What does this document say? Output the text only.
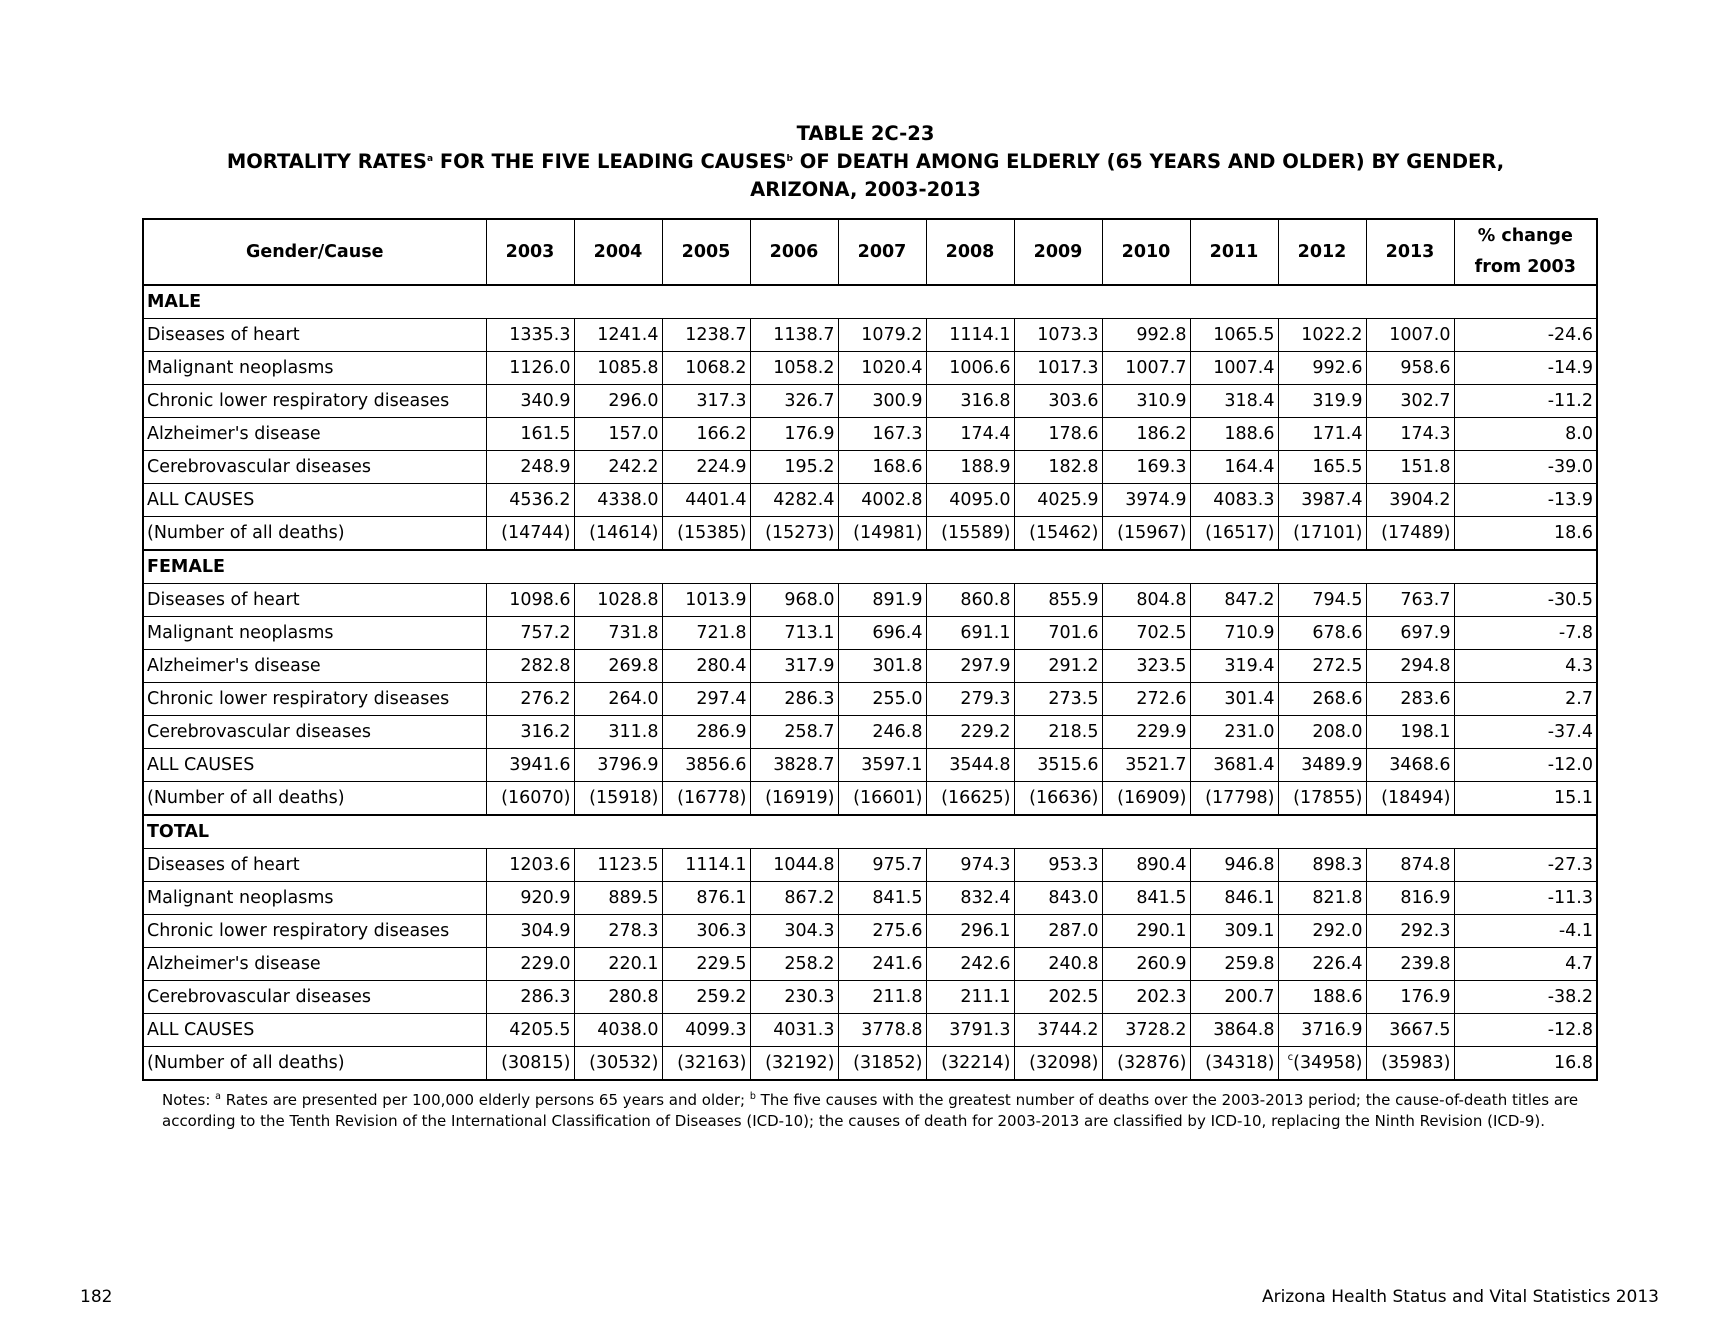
TABLE 2C-23
MORTALITY RATES$^a$ FOR THE FIVE LEADING CAUSES$^b$ OF DEATH AMONG ELDERLY (65 YEARS AND OLDER) BY GENDER,
ARIZONA, 2003-2013
Gender/Cause	2003	2004	2005	2006	2007	2008	2009	2010	2011	2012	2013	% change
from 2003
MALE												
Diseases of heart	1335.3	1241.4	1238.7	1138.7	1079.2	1114.1	1073.3	992.8	1065.5	1022.2	1007.0	-24.6
Malignant neoplasms	1126.0	1085.8	1068.2	1058.2	1020.4	1006.6	1017.3	1007.7	1007.4	992.6	958.6	-14.9
Chronic lower respiratory diseases	340.9	296.0	317.3	326.7	300.9	316.8	303.6	310.9	318.4	319.9	302.7	-11.2
Alzheimer's disease	161.5	157.0	166.2	176.9	167.3	174.4	178.6	186.2	188.6	171.4	174.3	8.0
Cerebrovascular diseases	248.9	242.2	224.9	195.2	168.6	188.9	182.8	169.3	164.4	165.5	151.8	-39.0
ALL CAUSES	4536.2	4338.0	4401.4	4282.4	4002.8	4095.0	4025.9	3974.9	4083.3	3987.4	3904.2	-13.9
(Number of all deaths)	(14744)	(14614)	(15385)	(15273)	(14981)	(15589)	(15462)	(15967)	(16517)	(17101)	(17489)	18.6
FEMALE												
Diseases of heart	1098.6	1028.8	1013.9	968.0	891.9	860.8	855.9	804.8	847.2	794.5	763.7	-30.5
Malignant neoplasms	757.2	731.8	721.8	713.1	696.4	691.1	701.6	702.5	710.9	678.6	697.9	-7.8
Alzheimer's disease	282.8	269.8	280.4	317.9	301.8	297.9	291.2	323.5	319.4	272.5	294.8	4.3
Chronic lower respiratory diseases	276.2	264.0	297.4	286.3	255.0	279.3	273.5	272.6	301.4	268.6	283.6	2.7
Cerebrovascular diseases	316.2	311.8	286.9	258.7	246.8	229.2	218.5	229.9	231.0	208.0	198.1	-37.4
ALL CAUSES	3941.6	3796.9	3856.6	3828.7	3597.1	3544.8	3515.6	3521.7	3681.4	3489.9	3468.6	-12.0
(Number of all deaths)	(16070)	(15918)	(16778)	(16919)	(16601)	(16625)	(16636)	(16909)	(17798)	(17855)	(18494)	15.1
TOTAL												
Diseases of heart	1203.6	1123.5	1114.1	1044.8	975.7	974.3	953.3	890.4	946.8	898.3	874.8	-27.3
Malignant neoplasms	920.9	889.5	876.1	867.2	841.5	832.4	843.0	841.5	846.1	821.8	816.9	-11.3
Chronic lower respiratory diseases	304.9	278.3	306.3	304.3	275.6	296.1	287.0	290.1	309.1	292.0	292.3	-4.1
Alzheimer's disease	229.0	220.1	229.5	258.2	241.6	242.6	240.8	260.9	259.8	226.4	239.8	4.7
Cerebrovascular diseases	286.3	280.8	259.2	230.3	211.8	211.1	202.5	202.3	200.7	188.6	176.9	-38.2
ALL CAUSES	4205.5	4038.0	4099.3	4031.3	3778.8	3791.3	3744.2	3728.2	3864.8	3716.9	3667.5	-12.8
(Number of all deaths)	(30815)	(30532)	(32163)	(32192)	(31852)	(32214)	(32098)	(32876)	(34318)	$^c$(34958)	(35983)	16.8
Notes: $^a$ Rates are presented per 100,000 elderly persons 65 years and older; $^b$ The five causes with the greatest number of deaths over the 2003-2013 period; the cause-of-death titles are according to the Tenth Revision of the International Classification of Diseases (ICD-10); the causes of death for 2003-2013 are classified by ICD-10, replacing the Ninth Revision (ICD-9).
182	Arizona Health Status and Vital Statistics 2013
